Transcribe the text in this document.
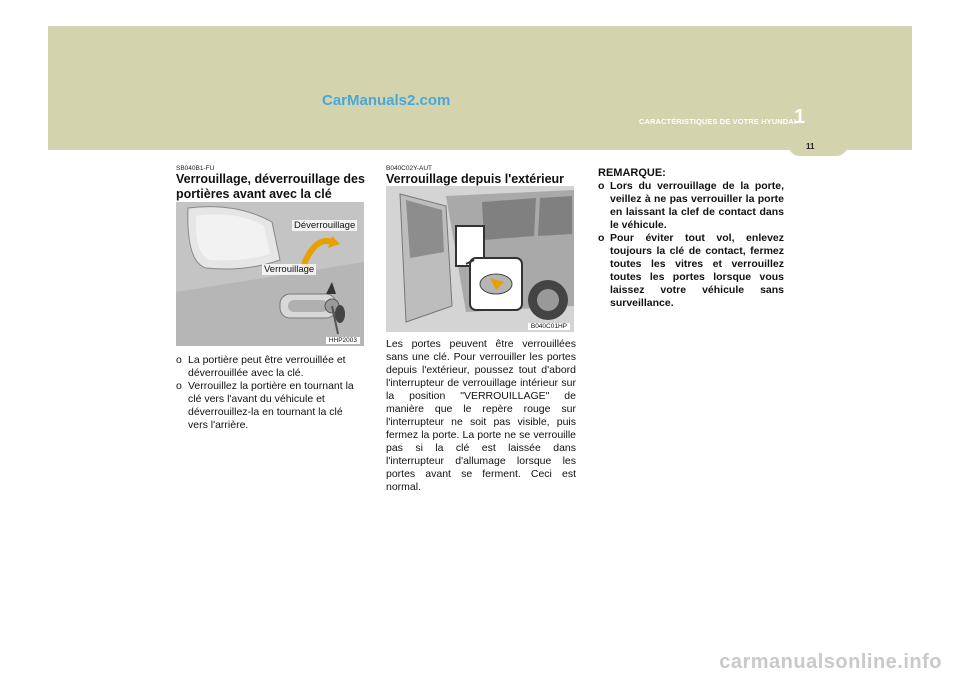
CarManuals2.com
CARACTÉRISTIQUES DE VOTRE HYUNDAI
1
11
SB040B1-FU
Verrouillage, déverrouillage des portières avant avec la clé
Déverrouillage
Verrouillage
HHP2003
o La portière peut être verrouillée et déverrouillée avec la clé.
o Verrouillez la portière en tournant la clé vers l'avant du véhicule et déverrouillez-la en tournant la clé vers l'arrière.
B040C02Y-AUT
Verrouillage depuis l'extérieur
B040C01HP
Les portes peuvent être verrouillées sans une clé. Pour verrouiller les portes depuis l'extérieur, poussez tout d'abord l'interrupteur de verrouillage intérieur sur la position "VERROUILLAGE" de manière que le repère rouge sur l'interrupteur ne soit pas visible, puis fermez la porte. La porte ne se verrouille pas si la clé est laissée dans l'interrupteur d'allumage lorsque les portes avant se ferment. Ceci est normal.
REMARQUE:
o Lors du verrouillage de la porte, veillez à ne pas verrouiller la porte en laissant la clef de contact dans le véhicule.
o Pour éviter tout vol, enlevez toujours la clé de contact, fermez toutes les vitres et verrouillez toutes les portes lorsque vous laissez votre véhicule sans surveillance.
carmanualsonline.info
